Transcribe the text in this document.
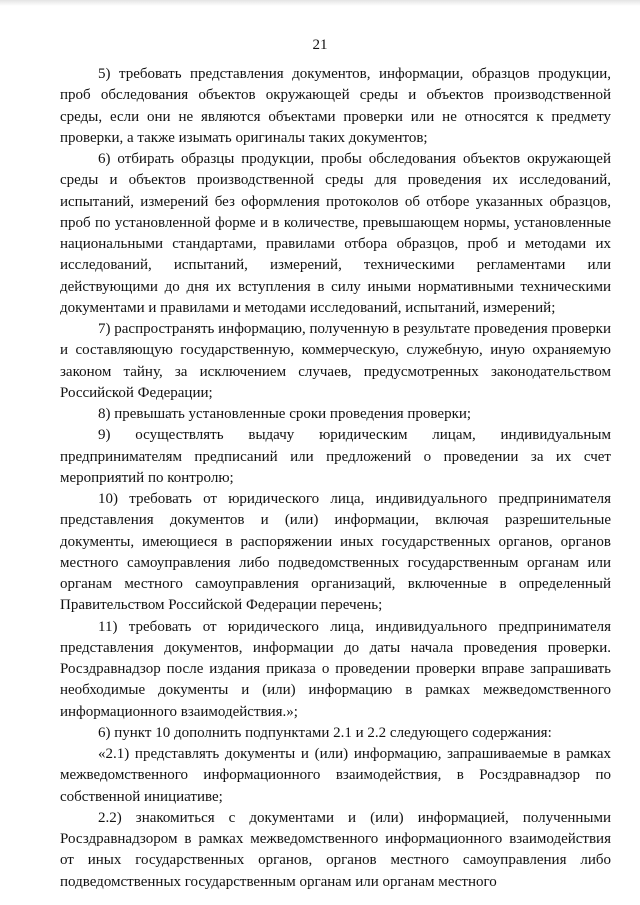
21

5) требовать представления документов, информации, образцов продукции, проб обследования объектов окружающей среды и объектов производственной среды, если они не являются объектами проверки или не относятся к предмету проверки, а также изымать оригиналы таких документов;

6) отбирать образцы продукции, пробы обследования объектов окружающей среды и объектов производственной среды для проведения их исследований, испытаний, измерений без оформления протоколов об отборе указанных образцов, проб по установленной форме и в количестве, превышающем нормы, установленные национальными стандартами, правилами отбора образцов, проб и методами их исследований, испытаний, измерений, техническими регламентами или действующими до дня их вступления в силу иными нормативными техническими документами и правилами и методами исследований, испытаний, измерений;

7) распространять информацию, полученную в результате проведения проверки и составляющую государственную, коммерческую, служебную, иную охраняемую законом тайну, за исключением случаев, предусмотренных законодательством Российской Федерации;

8) превышать установленные сроки проведения проверки;

9) осуществлять выдачу юридическим лицам, индивидуальным предпринимателям предписаний или предложений о проведении за их счет мероприятий по контролю;

10) требовать от юридического лица, индивидуального предпринимателя представления документов и (или) информации, включая разрешительные документы, имеющиеся в распоряжении иных государственных органов, органов местного самоуправления либо подведомственных государственным органам или органам местного самоуправления организаций, включенные в определенный Правительством Российской Федерации перечень;

11) требовать от юридического лица, индивидуального предпринимателя представления документов, информации до даты начала проведения проверки. Росздравнадзор после издания приказа о проведении проверки вправе запрашивать необходимые документы и (или) информацию в рамках межведомственного информационного взаимодействия.»;

6) пункт 10 дополнить подпунктами 2.1 и 2.2 следующего содержания:

«2.1) представлять документы и (или) информацию, запрашиваемые в рамках межведомственного информационного взаимодействия, в Росздравнадзор по собственной инициативе;

2.2) знакомиться с документами и (или) информацией, полученными Росздравнадзором в рамках межведомственного информационного взаимодействия от иных государственных органов, органов местного самоуправления либо подведомственных государственным органам или органам местного
